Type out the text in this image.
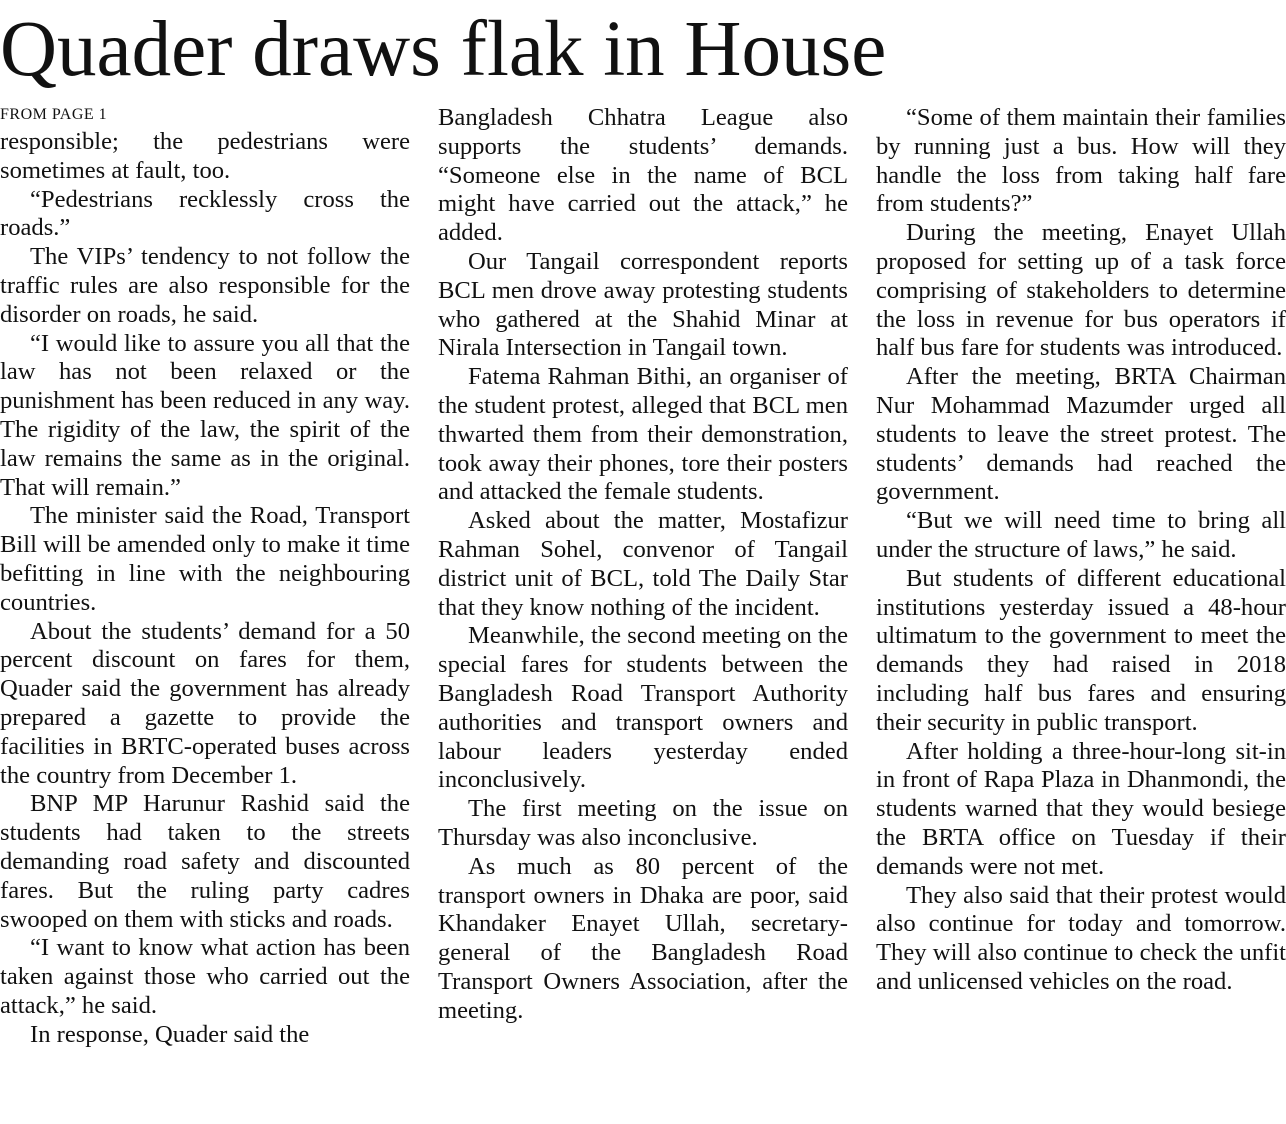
Quader draws flak in House
FROM PAGE 1

responsible; the pedestrians were sometimes at fault, too.

“Pedestrians recklessly cross the roads.”

The VIPs’ tendency to not follow the traffic rules are also responsible for the disorder on roads, he said.

“I would like to assure you all that the law has not been relaxed or the punishment has been reduced in any way. The rigidity of the law, the spirit of the law remains the same as in the original. That will remain.”

The minister said the Road, Transport Bill will be amended only to make it time befitting in line with the neighbouring countries.

About the students’ demand for a 50 percent discount on fares for them, Quader said the government has already prepared a gazette to provide the facilities in BRTC-operated buses across the country from December 1.

BNP MP Harunur Rashid said the students had taken to the streets demanding road safety and discounted fares. But the ruling party cadres swooped on them with sticks and roads.

“I want to know what action has been taken against those who carried out the attack,” he said.

In response, Quader said the

Bangladesh Chhatra League also supports the students’ demands. “Someone else in the name of BCL might have carried out the attack,” he added.

Our Tangail correspondent reports BCL men drove away protesting students who gathered at the Shahid Minar at Nirala Intersection in Tangail town.

Fatema Rahman Bithi, an organiser of the student protest, alleged that BCL men thwarted them from their demonstration, took away their phones, tore their posters and attacked the female students.

Asked about the matter, Mostafizur Rahman Sohel, convenor of Tangail district unit of BCL, told The Daily Star that they know nothing of the incident.

Meanwhile, the second meeting on the special fares for students between the Bangladesh Road Transport Authority authorities and transport owners and labour leaders yesterday ended inconclusively.

The first meeting on the issue on Thursday was also inconclusive.

As much as 80 percent of the transport owners in Dhaka are poor, said Khandaker Enayet Ullah, secretary-general of the Bangladesh Road Transport Owners Association, after the meeting.

“Some of them maintain their families by running just a bus. How will they handle the loss from taking half fare from students?”

During the meeting, Enayet Ullah proposed for setting up of a task force comprising of stakeholders to determine the loss in revenue for bus operators if half bus fare for students was introduced.

After the meeting, BRTA Chairman Nur Mohammad Mazumder urged all students to leave the street protest. The students’ demands had reached the government.

“But we will need time to bring all under the structure of laws,” he said.

But students of different educational institutions yesterday issued a 48-hour ultimatum to the government to meet the demands they had raised in 2018 including half bus fares and ensuring their security in public transport.

After holding a three-hour-long sit-in in front of Rapa Plaza in Dhanmondi, the students warned that they would besiege the BRTA office on Tuesday if their demands were not met.

They also said that their protest would also continue for today and tomorrow. They will also continue to check the unfit and unlicensed vehicles on the road.
